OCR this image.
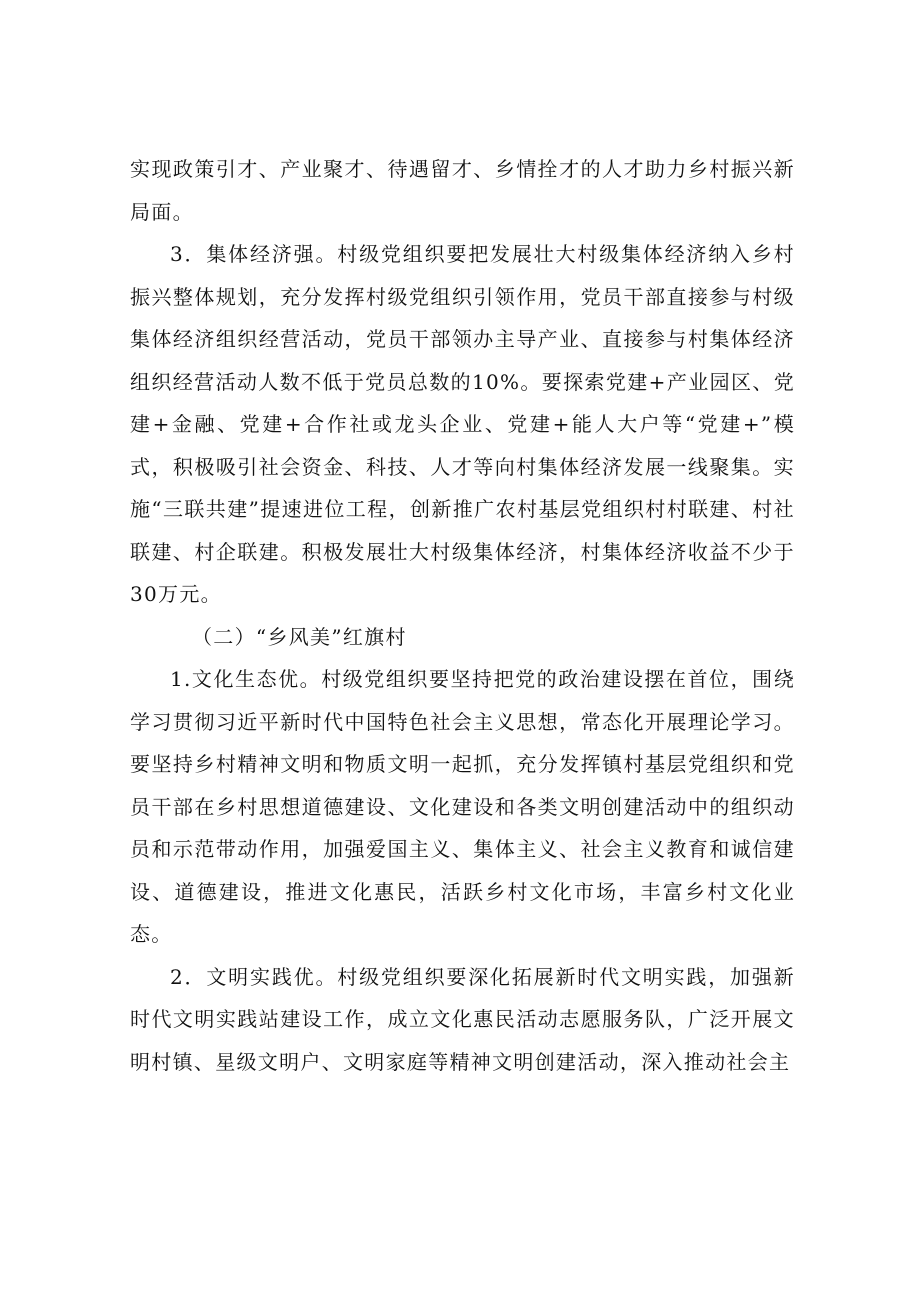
实现政策引才、产业聚才、待遇留才、乡情拴才的人才助力乡村振兴新局面。

3．集体经济强。村级党组织要把发展壮大村级集体经济纳入乡村振兴整体规划，充分发挥村级党组织引领作用，党员干部直接参与村级集体经济组织经营活动，党员干部领办主导产业、直接参与村集体经济组织经营活动人数不低于党员总数的10%。要探索党建+产业园区、党建+金融、党建+合作社或龙头企业、党建+能人大户等“党建+”模式，积极吸引社会资金、科技、人才等向村集体经济发展一线聚集。实施“三联共建”提速进位工程，创新推广农村基层党组织村村联建、村社联建、村企联建。积极发展壮大村级集体经济，村集体经济收益不少于30万元。

（二）“乡风美”红旗村

1.文化生态优。村级党组织要坚持把党的政治建设摆在首位，围绕学习贯彻习近平新时代中国特色社会主义思想，常态化开展理论学习。要坚持乡村精神文明和物质文明一起抓，充分发挥镇村基层党组织和党员干部在乡村思想道德建设、文化建设和各类文明创建活动中的组织动员和示范带动作用，加强爱国主义、集体主义、社会主义教育和诚信建设、道德建设，推进文化惠民，活跃乡村文化市场，丰富乡村文化业态。

2．文明实践优。村级党组织要深化拓展新时代文明实践，加强新时代文明实践站建设工作，成立文化惠民活动志愿服务队，广泛开展文明村镇、星级文明户、文明家庭等精神文明创建活动，深入推动社会主
